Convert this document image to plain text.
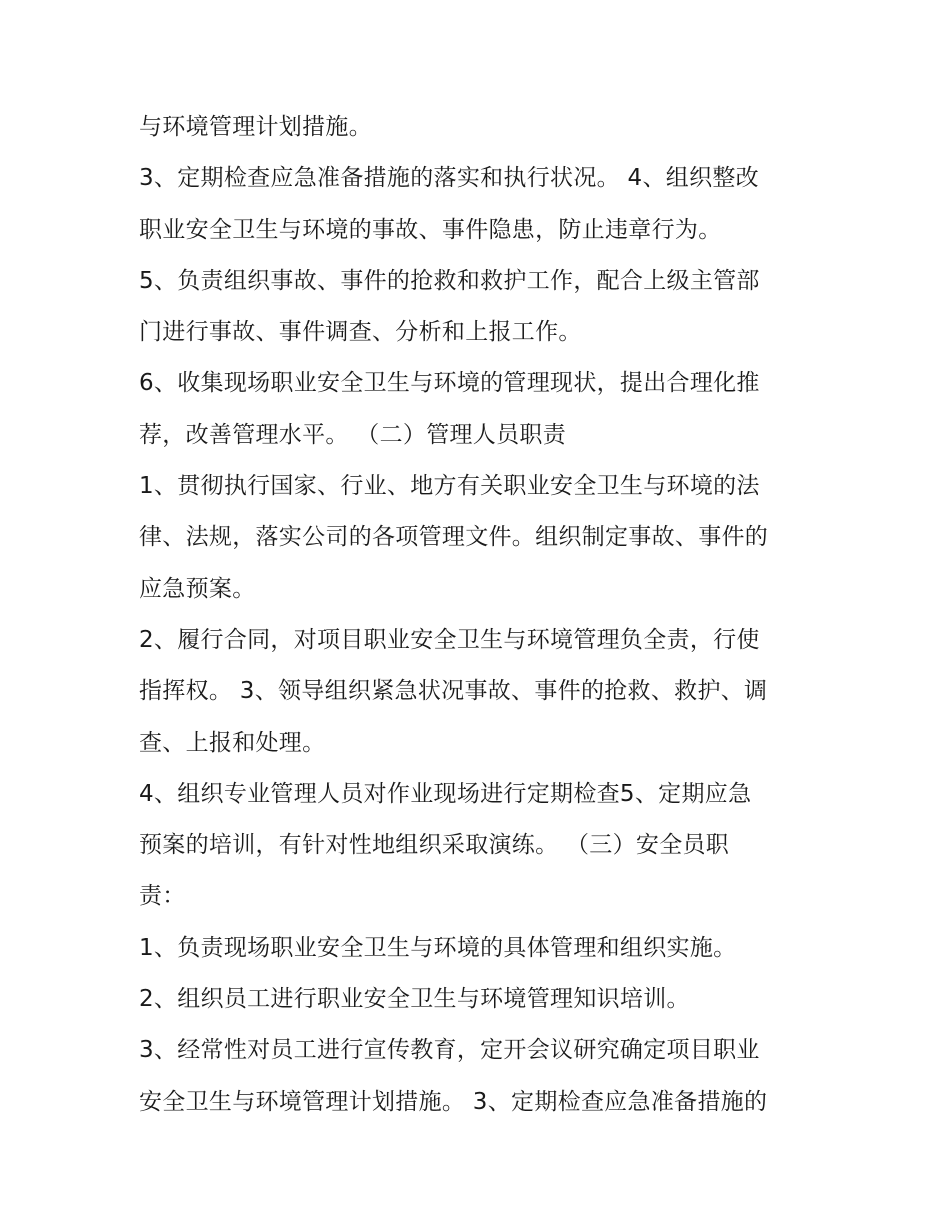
与环境管理计划措施。
3、定期检查应急准备措施的落实和执行状况。 4、组织整改
职业安全卫生与环境的事故、事件隐患，防止违章行为。
5、负责组织事故、事件的抢救和救护工作，配合上级主管部
门进行事故、事件调查、分析和上报工作。
6、收集现场职业安全卫生与环境的管理现状，提出合理化推
荐，改善管理水平。 （二）管理人员职责
1、贯彻执行国家、行业、地方有关职业安全卫生与环境的法
律、法规，落实公司的各项管理文件。组织制定事故、事件的
应急预案。
2、履行合同，对项目职业安全卫生与环境管理负全责，行使
指挥权。 3、领导组织紧急状况事故、事件的抢救、救护、调
查、上报和处理。
4、组织专业管理人员对作业现场进行定期检查5、定期应急
预案的培训，有针对性地组织采取演练。 （三）安全员职
责：
1、负责现场职业安全卫生与环境的具体管理和组织实施。
2、组织员工进行职业安全卫生与环境管理知识培训。
3、经常性对员工进行宣传教育，定开会议研究确定项目职业
安全卫生与环境管理计划措施。 3、定期检查应急准备措施的
